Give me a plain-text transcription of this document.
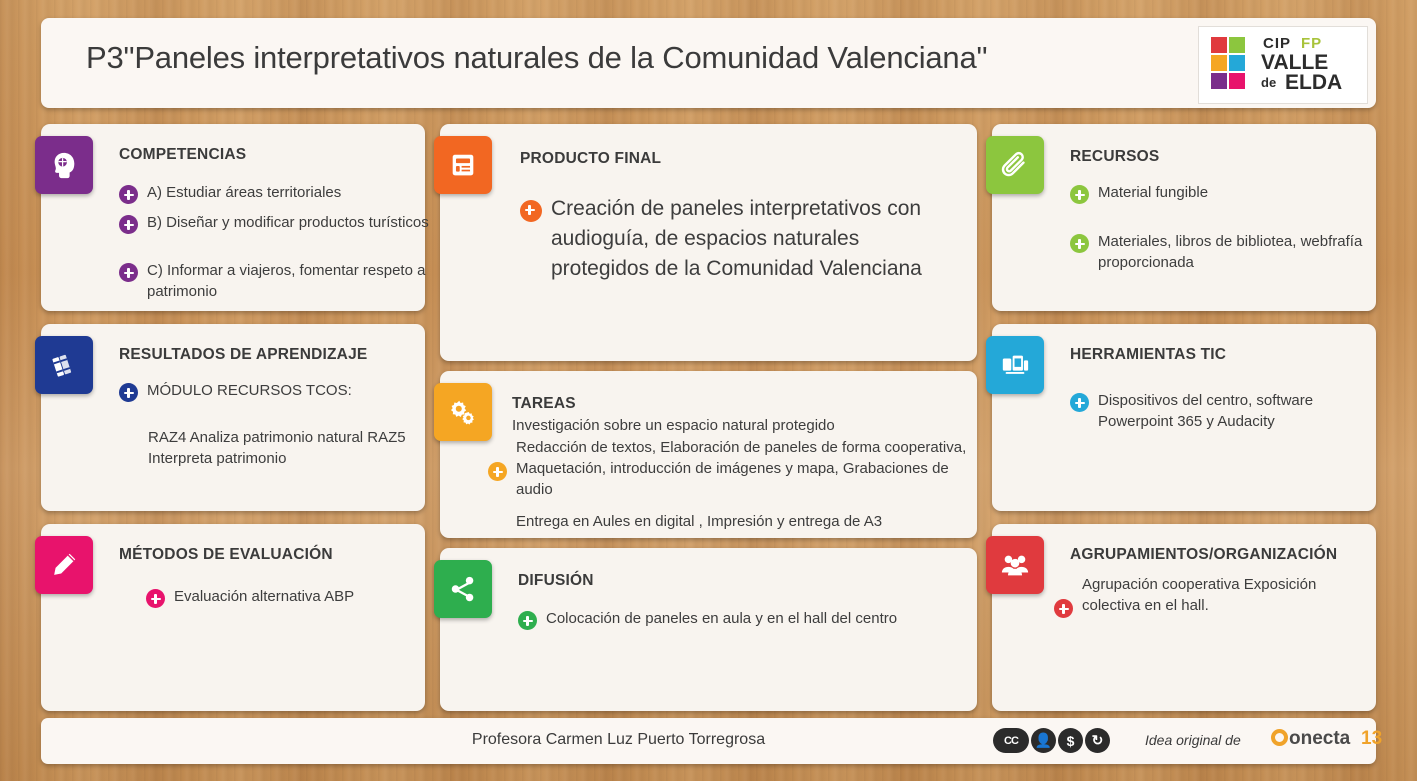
P3"Paneles interpretativos naturales de la Comunidad Valenciana"	CIP FP
VALLE
de ELDA
COMPETENCIAS
A) Estudiar áreas territoriales
B) Diseñar y modificar productos turísticos
C) Informar a viajeros, fomentar respeto a patrimonio
RESULTADOS DE APRENDIZAJE
MÓDULO RECURSOS TCOS:
RAZ4 Analiza patrimonio natural RAZ5 Interpreta patrimonio
MÉTODOS DE EVALUACIÓN
Evaluación alternativa ABP
PRODUCTO FINAL
Creación de paneles interpretativos con audioguía, de espacios naturales protegidos de la Comunidad Valenciana
TAREAS
Investigación sobre un espacio natural protegido
Redacción de textos, Elaboración de paneles de forma cooperativa, Maquetación, introducción de imágenes y mapa, Grabaciones de audio
Entrega en Aules en digital , Impresión y entrega de A3
DIFUSIÓN
Colocación de paneles en aula y en el hall del centro
RECURSOS
Material fungible
Materiales, libros de bibliotea, webfrafía proporcionada
HERRAMIENTAS TIC
Dispositivos del centro, software Powerpoint 365 y Audacity
AGRUPAMIENTOS/ORGANIZACIÓN
Agrupación cooperativa Exposición colectiva en el hall.
Profesora Carmen Luz Puerto Torregrosa	CC	👤	$	↻	Idea original de	onecta 13
